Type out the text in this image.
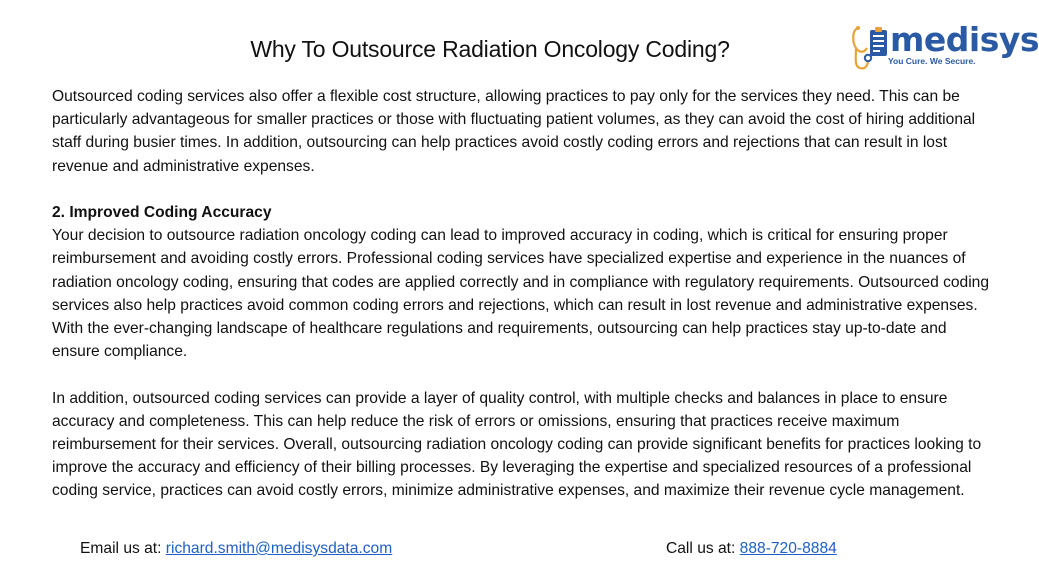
Why To Outsource Radiation Oncology Coding?	medisys
You Cure. We Secure.

Outsourced coding services also offer a flexible cost structure, allowing practices to pay only for the services they need. This can be particularly advantageous for smaller practices or those with fluctuating patient volumes, as they can avoid the cost of hiring additional staff during busier times. In addition, outsourcing can help practices avoid costly coding errors and rejections that can result in lost revenue and administrative expenses.

2. Improved Coding Accuracy

Your decision to outsource radiation oncology coding can lead to improved accuracy in coding, which is critical for ensuring proper reimbursement and avoiding costly errors. Professional coding services have specialized expertise and experience in the nuances of radiation oncology coding, ensuring that codes are applied correctly and in compliance with regulatory requirements. Outsourced coding services also help practices avoid common coding errors and rejections, which can result in lost revenue and administrative expenses. With the ever-changing landscape of healthcare regulations and requirements, outsourcing can help practices stay up-to-date and ensure compliance.

In addition, outsourced coding services can provide a layer of quality control, with multiple checks and balances in place to ensure accuracy and completeness. This can help reduce the risk of errors or omissions, ensuring that practices receive maximum reimbursement for their services. Overall, outsourcing radiation oncology coding can provide significant benefits for practices looking to improve the accuracy and efficiency of their billing processes. By leveraging the expertise and specialized resources of a professional coding service, practices can avoid costly errors, minimize administrative expenses, and maximize their revenue cycle management.

Email us at: richard.smith@medisysdata.com	Call us at: 888-720-8884
